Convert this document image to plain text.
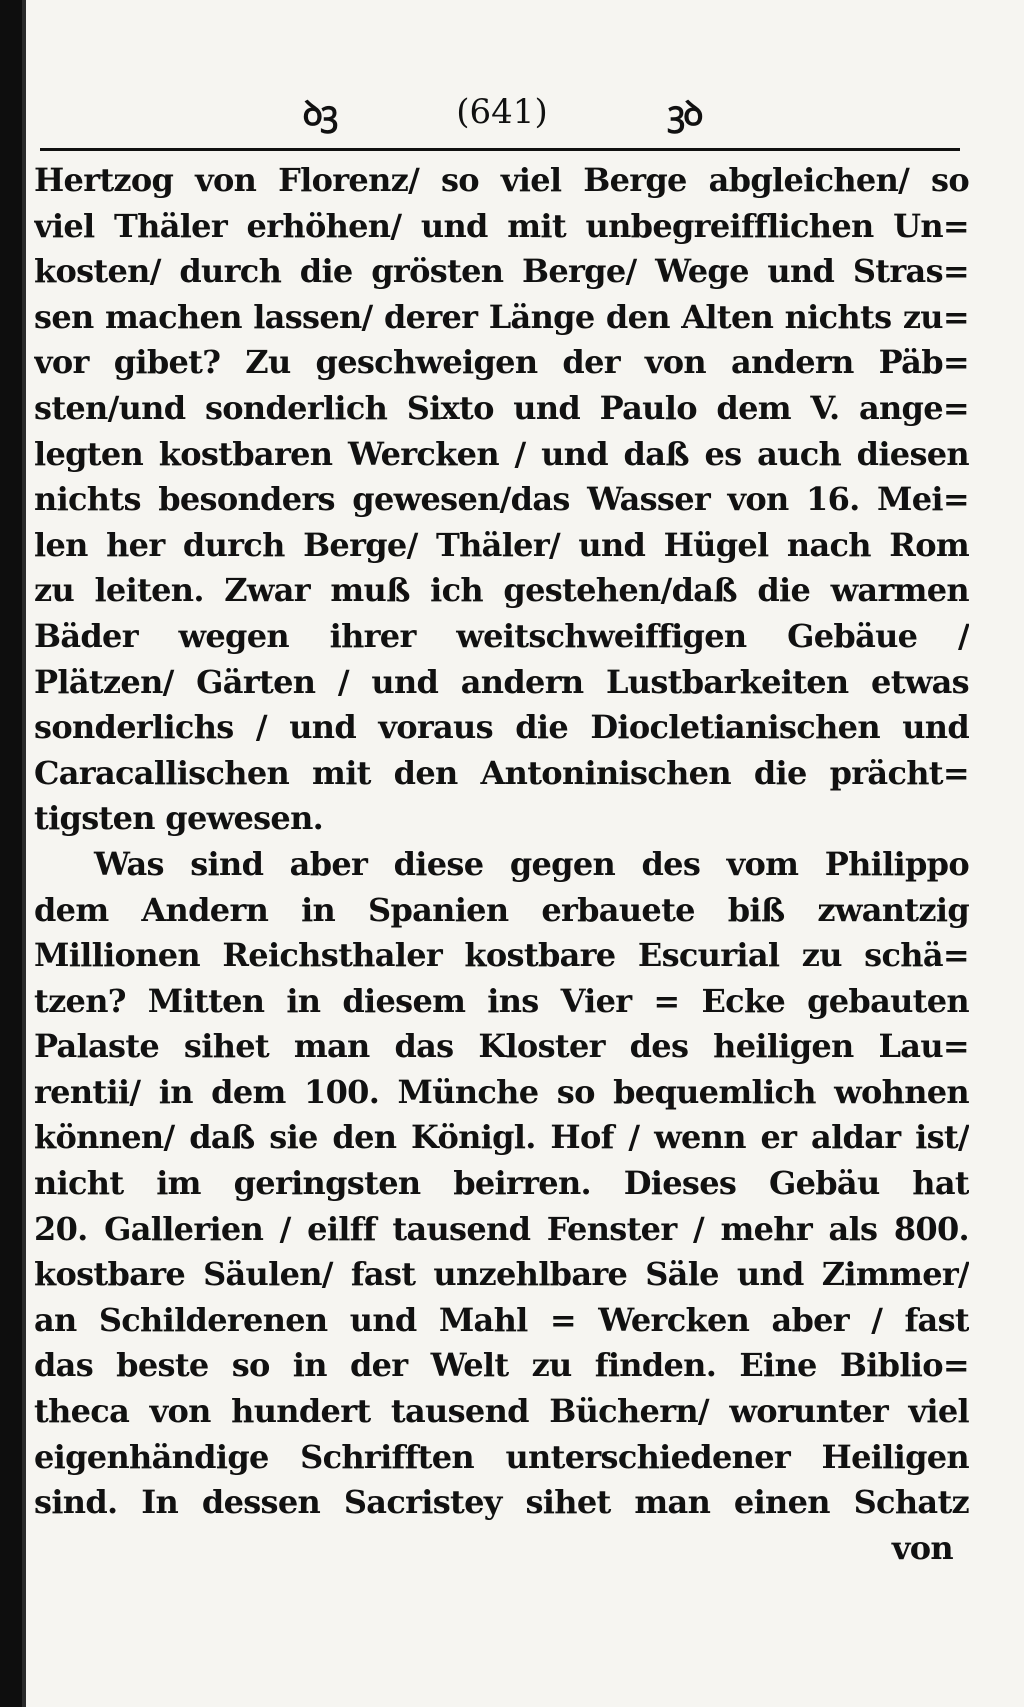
ꝺꝫ	(641)	ꝫꝺ
Hertzog von Florenz/ so viel Berge abgleichen/ so
viel Thäler erhöhen/ und mit unbegreifflichen Un=
kosten/ durch die grösten Berge/ Wege und Stras=
sen machen lassen/ derer Länge den Alten nichts zu=
vor gibet? Zu geschweigen der von andern Päb=
sten/und sonderlich Sixto und Paulo dem V. ange=
legten kostbaren Wercken / und daß es auch diesen
nichts besonders gewesen/das Wasser von 16. Mei=
len her durch Berge/ Thäler/ und Hügel nach Rom
zu leiten. Zwar muß ich gestehen/daß die warmen
Bäder wegen ihrer weitschweiffigen Gebäue /
Plätzen/ Gärten / und andern Lustbarkeiten etwas
sonderlichs / und voraus die Diocletianischen und
Caracallischen mit den Antoninischen die prächt=
tigsten gewesen.
Was sind aber diese gegen des vom Philippo
dem Andern in Spanien erbauete biß zwantzig
Millionen Reichsthaler kostbare Escurial zu schä=
tzen? Mitten in diesem ins Vier = Ecke gebauten
Palaste sihet man das Kloster des heiligen Lau=
rentii/ in dem 100. Münche so bequemlich wohnen
können/ daß sie den Königl. Hof / wenn er aldar ist/
nicht im geringsten beirren. Dieses Gebäu hat
20. Gallerien / eilff tausend Fenster / mehr als 800.
kostbare Säulen/ fast unzehlbare Säle und Zimmer/
an Schilderenen und Mahl = Wercken aber / fast
das beste so in der Welt zu finden. Eine Biblio=
theca von hundert tausend Büchern/ worunter viel
eigenhändige Schrifften unterschiedener Heiligen
sind. In dessen Sacristey sihet man einen Schatz
von
